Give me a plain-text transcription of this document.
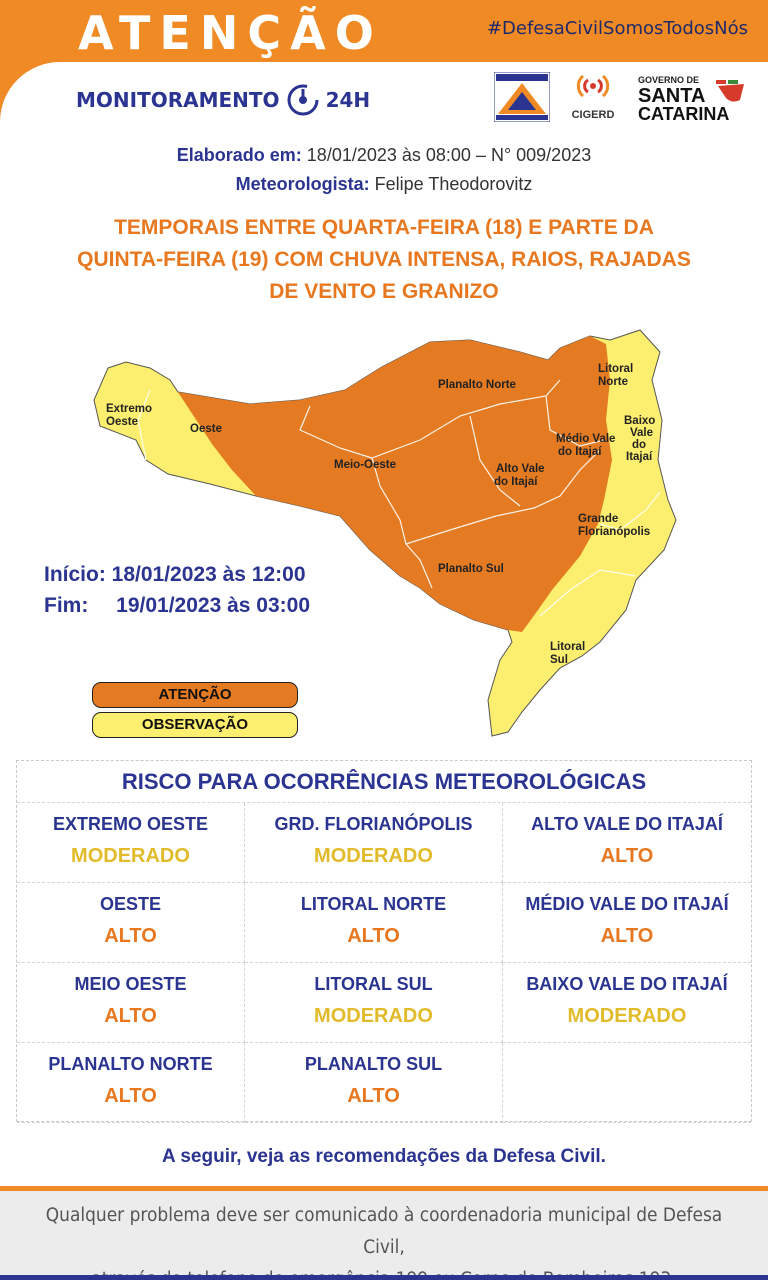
ATENÇÃO	#DefesaCivilSomosTodosNós
MONITORAMENTO 24H
CIGERD
GOVERNO DE
SANTA
CATARINA
Elaborado em: 18/01/2023 às 08:00 – N° 009/2023
Meteorologista: Felipe Theodorovitz
TEMPORAIS ENTRE QUARTA-FEIRA (18) E PARTE DA
QUINTA-FEIRA (19) COM CHUVA INTENSA, RAIOS, RAJADAS
DE VENTO E GRANIZO
Extremo
Oeste
Oeste
Meio-Oeste
Planalto Norte
Planalto Sul
Alto Vale
do Itajaí
Médio Vale
do Itajaí
Litoral
Norte
Baixo
Vale
do
Itajaí
Grande
Florianópolis
Litoral
Sul
Início: 18/01/2023 às 12:00
Fim: 19/01/2023 às 03:00
ATENÇÃO
OBSERVAÇÃO
RISCO PARA OCORRÊNCIAS METEOROLÓGICAS
EXTREMO OESTE
MODERADO
GRD. FLORIANÓPOLIS
MODERADO
ALTO VALE DO ITAJAÍ
ALTO
OESTE
ALTO
LITORAL NORTE
ALTO
MÉDIO VALE DO ITAJAÍ
ALTO
MEIO OESTE
ALTO
LITORAL SUL
MODERADO
BAIXO VALE DO ITAJAÍ
MODERADO
PLANALTO NORTE
ALTO
PLANALTO SUL
ALTO
A seguir, veja as recomendações da Defesa Civil.
Qualquer problema deve ser comunicado à coordenadoria municipal de Defesa Civil,
